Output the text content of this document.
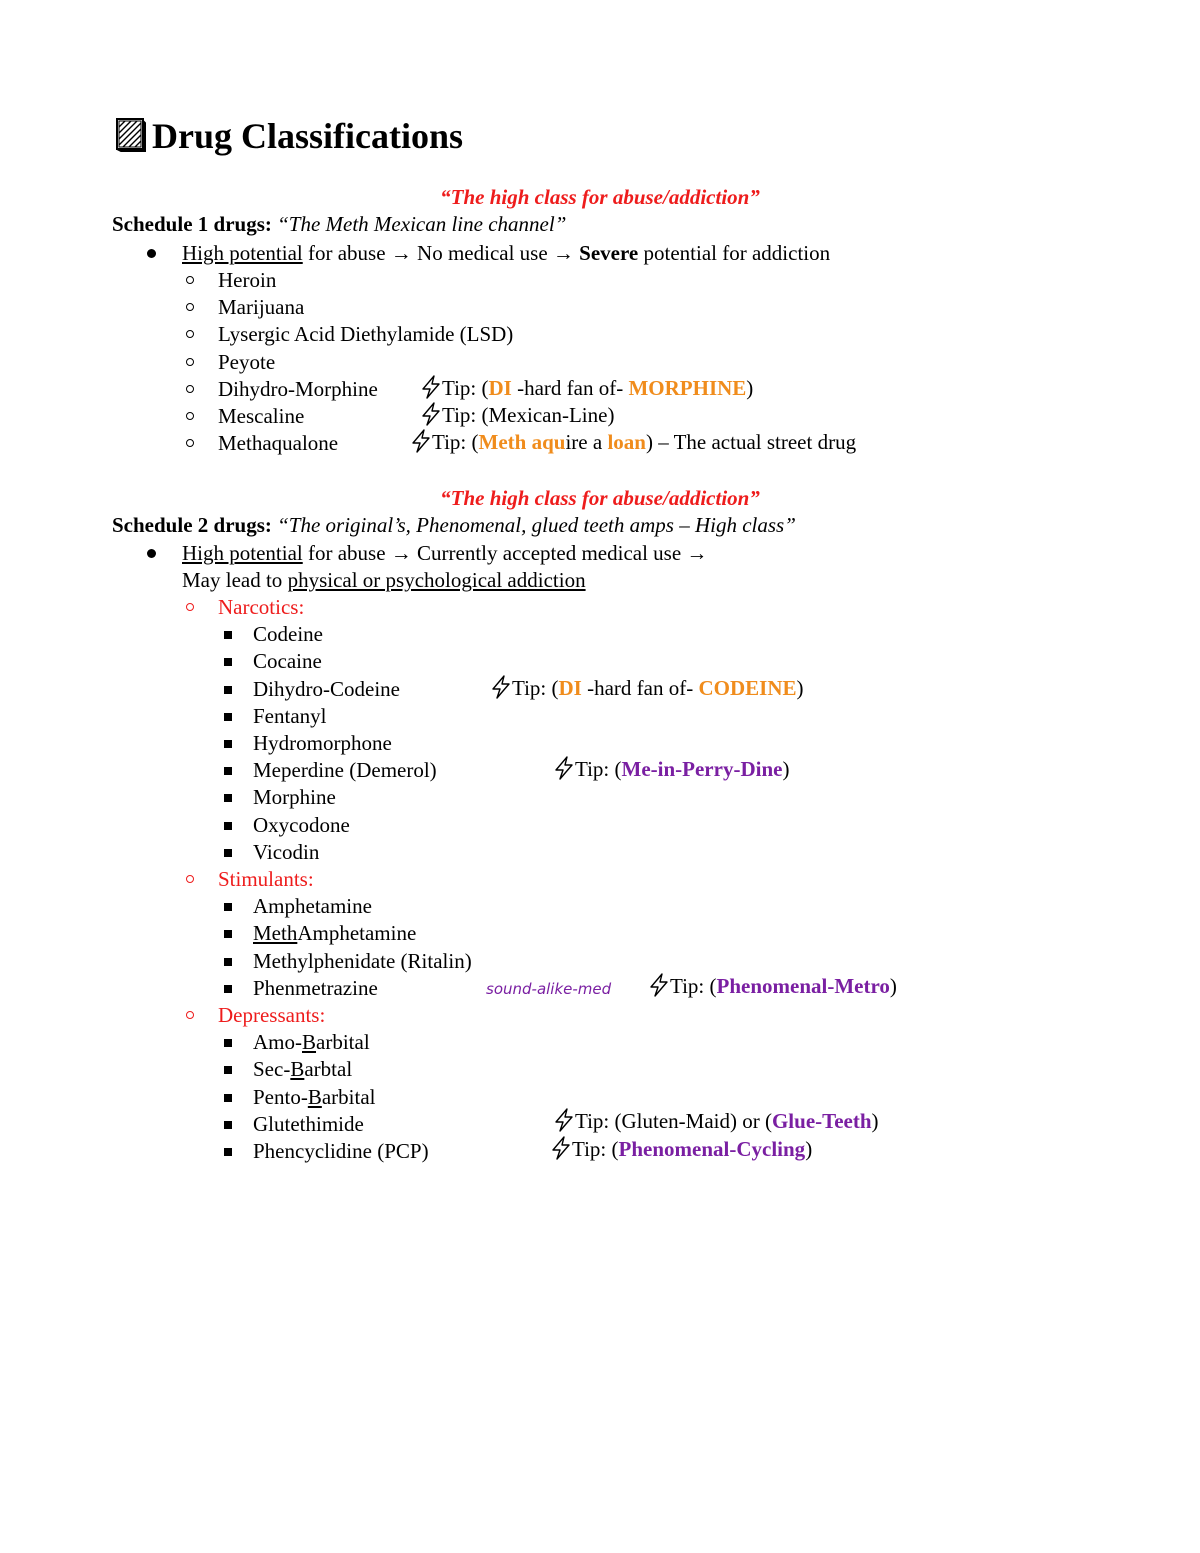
Drug Classifications
“The high class for abuse/addiction”
Schedule 1 drugs: “The Meth Mexican line channel”
High potential for abuse → No medical use → Severe potential for addiction
Heroin
Marijuana
Lysergic Acid Diethylamide (LSD)
Peyote
Dihydro-Morphine
Mescaline
Methaqualone
Tip: (DI -hard fan of- MORPHINE)
Tip: (Mexican-Line)
Tip: (Meth aquire a loan) – The actual street drug
“The high class for abuse/addiction”
Schedule 2 drugs: “The original’s, Phenomenal, glued teeth amps – High class”
High potential for abuse → Currently accepted medical use →
May lead to physical or psychological addiction
Narcotics:
Codeine
Cocaine
Dihydro-Codeine
Fentanyl
Hydromorphone
Meperdine (Demerol)
Morphine
Oxycodone
Vicodin
Stimulants:
Amphetamine
MethAmphetamine
Methylphenidate (Ritalin)
Phenmetrazine
Depressants:
Amo-Barbital
Sec-Barbtal
Pento-Barbital
Glutethimide
Phencyclidine (PCP)
Tip: (DI -hard fan of- CODEINE)
Tip: (Me-in-Perry-Dine)
sound-alike-med	Tip: (Phenomenal-Metro)
Tip: (Gluten-Maid) or (Glue-Teeth)
Tip: (Phenomenal-Cycling)
